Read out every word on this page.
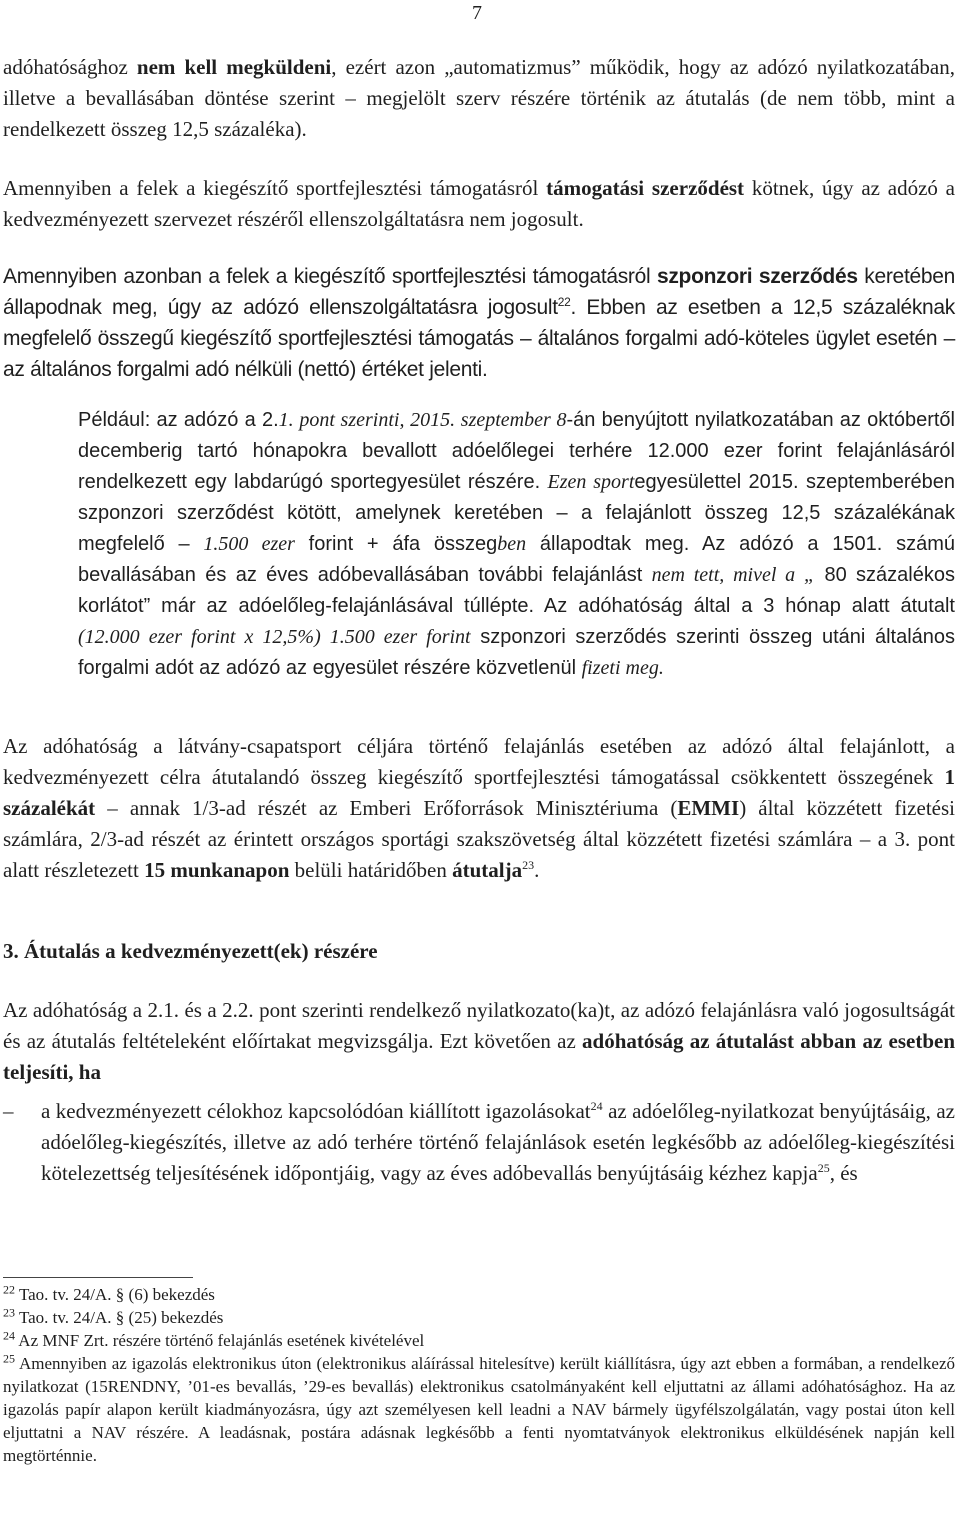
7

adóhatósághoz nem kell megküldeni, ezért azon „automatizmus” működik, hogy az adózó nyilatkozatában, illetve a bevallásában döntése szerint – megjelölt szerv részére történik az átutalás (de nem több, mint a rendelkezett összeg 12,5 százaléka).

Amennyiben a felek a kiegészítő sportfejlesztési támogatásról támogatási szerződést kötnek, úgy az adózó a kedvezményezett szervezet részéről ellenszolgáltatásra nem jogosult.

Amennyiben azonban a felek a kiegészítő sportfejlesztési támogatásról szponzori szerződés keretében állapodnak meg, úgy az adózó ellenszolgáltatásra jogosult$^{22}$. Ebben az esetben a 12,5 százaléknak megfelelő összegű kiegészítő sportfejlesztési támogatás – általános forgalmi adó-köteles ügylet esetén – az általános forgalmi adó nélküli (nettó) értéket jelenti.

Például: az adózó a 2.1. pont szerinti, 2015. szeptember 8-án benyújtott nyilatkozatában az októbertől decemberig tartó hónapokra bevallott adóelőlegei terhére 12.000 ezer forint felajánlásáról rendelkezett egy labdarúgó sportegyesület részére. Ezen sportegyesülettel 2015. szeptemberében szponzori szerződést kötött, amelynek keretében – a felajánlott összeg 12,5 százalékának megfelelő – 1.500 ezer forint + áfa összegben állapodtak meg. Az adózó a 1501. számú bevallásában és az éves adóbevallásában további felajánlást nem tett, mivel a „ 80 százalékos korlátot” már az adóelőleg-felajánlásával túllépte. Az adóhatóság által a 3 hónap alatt átutalt (12.000 ezer forint x 12,5%) 1.500 ezer forint szponzori szerződés szerinti összeg utáni általános forgalmi adót az adózó az egyesület részére közvetlenül fizeti meg.

Az adóhatóság a látvány-csapatsport céljára történő felajánlás esetében az adózó által felajánlott, a kedvezményezett célra átutalandó összeg kiegészítő sportfejlesztési támogatással csökkentett összegének 1 százalékát – annak 1/3-ad részét az Emberi Erőforrások Minisztériuma (EMMI) által közzétett fizetési számlára, 2/3-ad részét az érintett országos sportági szakszövetség által közzétett fizetési számlára – a 3. pont alatt részletezett 15 munkanapon belüli határidőben átutalja$^{23}$.

3. Átutalás a kedvezményezett(ek) részére

Az adóhatóság a 2.1. és a 2.2. pont szerinti rendelkező nyilatkozato(ka)t, az adózó felajánlásra való jogosultságát és az átutalás feltételeként előírtakat megvizsgálja. Ezt követően az adóhatóság az átutalást abban az esetben teljesíti, ha

– a kedvezményezett célokhoz kapcsolódóan kiállított igazolásokat$^{24}$ az adóelőleg-nyilatkozat benyújtásáig, az adóelőleg-kiegészítés, illetve az adó terhére történő felajánlások esetén legkésőbb az adóelőleg-kiegészítési kötelezettség teljesítésének időpontjáig, vagy az éves adóbevallás benyújtásáig kézhez kapja$^{25}$, és

$^{22}$ Tao. tv. 24/A. § (6) bekezdés

$^{23}$ Tao. tv. 24/A. § (25) bekezdés

$^{24}$ Az MNF Zrt. részére történő felajánlás esetének kivételével

$^{25}$ Amennyiben az igazolás elektronikus úton (elektronikus aláírással hitelesítve) került kiállításra, úgy azt ebben a formában, a rendelkező nyilatkozat (15RENDNY, ’01-es bevallás, ’29-es bevallás) elektronikus csatolmányaként kell eljuttatni az állami adóhatósághoz. Ha az igazolás papír alapon került kiadmányozásra, úgy azt személyesen kell leadni a NAV bármely ügyfélszolgálatán, vagy postai úton kell eljuttatni a NAV részére. A leadásnak, postára adásnak legkésőbb a fenti nyomtatványok elektronikus elküldésének napján kell megtörténnie.
